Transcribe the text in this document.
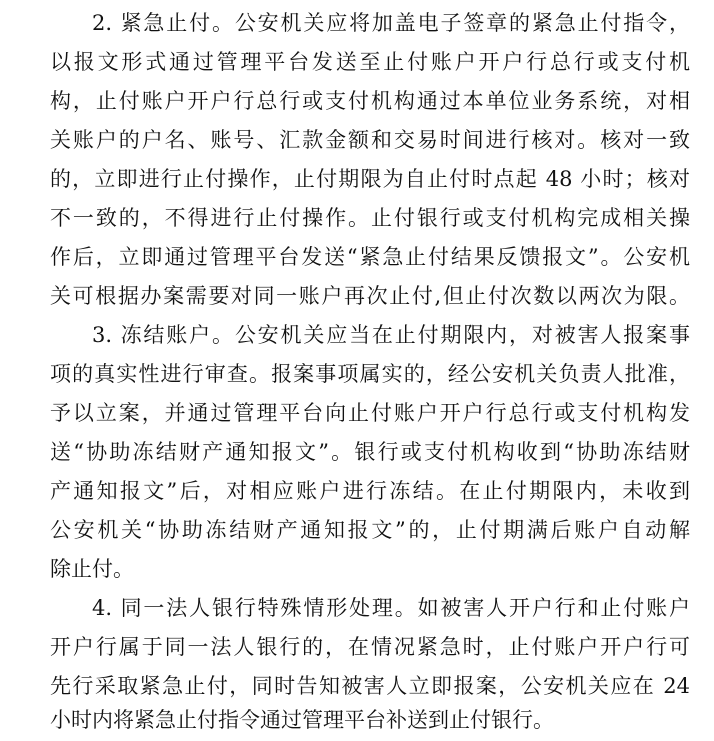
2. 紧急止付。公安机关应将加盖电子签章的紧急止付指令，
以报文形式通过管理平台发送至止付账户开户行总行或支付机
构，止付账户开户行总行或支付机构通过本单位业务系统，对相
关账户的户名、账号、汇款金额和交易时间进行核对。核对一致
的，立即进行止付操作，止付期限为自止付时点起 48 小时；核对
不一致的，不得进行止付操作。止付银行或支付机构完成相关操
作后，立即通过管理平台发送“紧急止付结果反馈报文”。公安机
关可根据办案需要对同一账户再次止付,但止付次数以两次为限。
3. 冻结账户。公安机关应当在止付期限内，对被害人报案事
项的真实性进行审查。报案事项属实的，经公安机关负责人批准，
予以立案，并通过管理平台向止付账户开户行总行或支付机构发
送“协助冻结财产通知报文”。银行或支付机构收到“协助冻结财
产通知报文”后，对相应账户进行冻结。在止付期限内，未收到
公安机关“协助冻结财产通知报文”的，止付期满后账户自动解
除止付。
4. 同一法人银行特殊情形处理。如被害人开户行和止付账户
开户行属于同一法人银行的，在情况紧急时，止付账户开户行可
先行采取紧急止付，同时告知被害人立即报案，公安机关应在 24
小时内将紧急止付指令通过管理平台补送到止付银行。
